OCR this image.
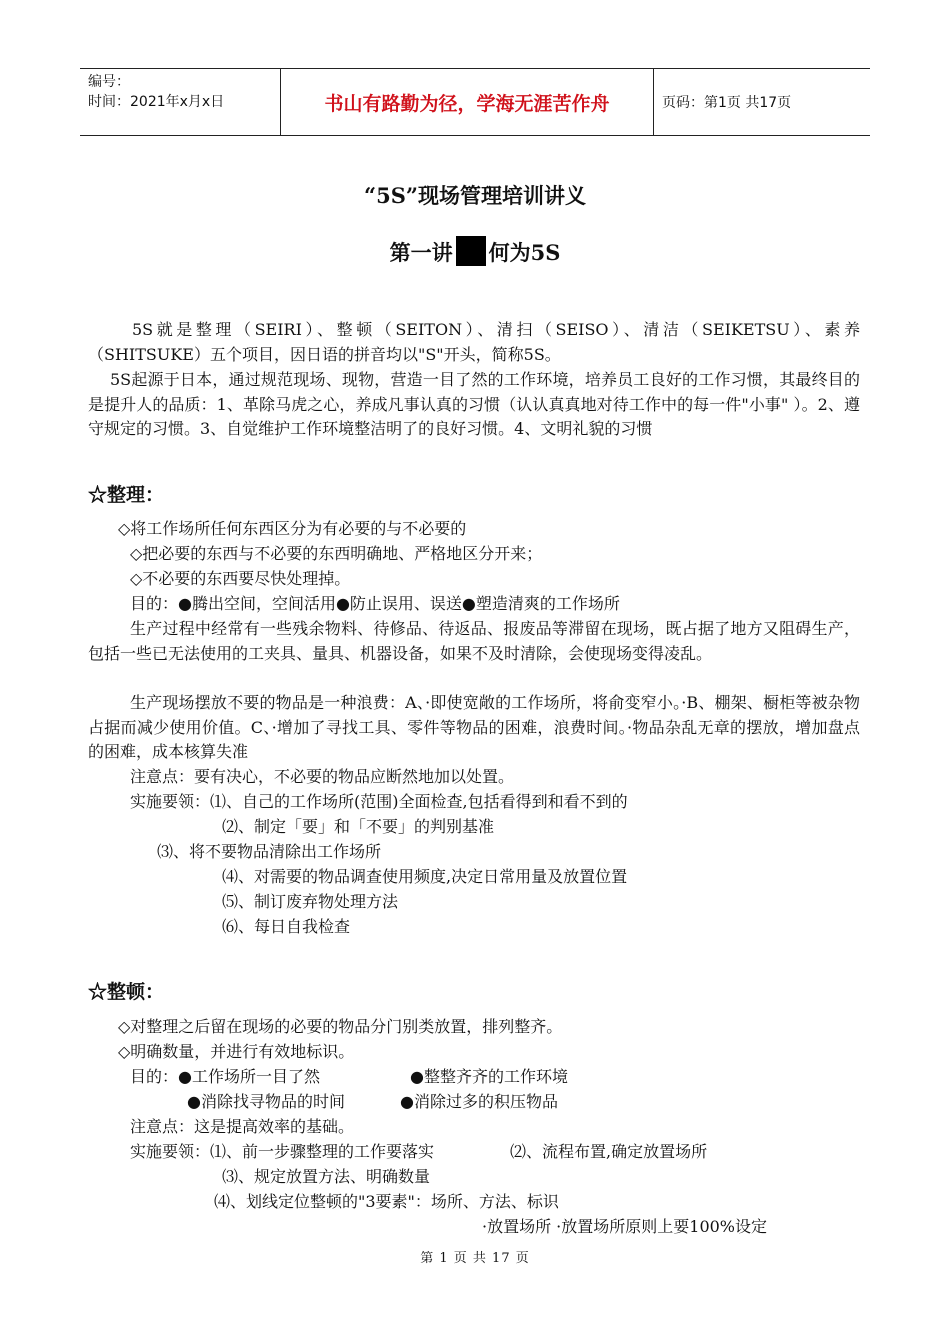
编号：
时间：2021年x月x日	书山有路勤为径，学海无涯苦作舟	页码：第1页 共17页
“5S”现场管理培训讲义
第一讲 何为5S
5S就是整理（SEIRI）、整顿（SEITON）、清扫（SEISO）、清洁（SEIKETSU）、素养（SHITSUKE）五个项目，因日语的拼音均以"S"开头，简称5S。
5S起源于日本，通过规范现场、现物，营造一目了然的工作环境，培养员工良好的工作习惯，其最终目的是提升人的品质：1、革除马虎之心，养成凡事认真的习惯（认认真真地对待工作中的每一件"小事" ）。2、遵守规定的习惯。3、自觉维护工作环境整洁明了的良好习惯。4、文明礼貌的习惯
☆整理：
◇将工作场所任何东西区分为有必要的与不必要的
◇把必要的东西与不必要的东西明确地、严格地区分开来；
◇不必要的东西要尽快处理掉。
目的：●腾出空间，空间活用●防止误用、误送●塑造清爽的工作场所
生产过程中经常有一些残余物料、待修品、待返品、报废品等滞留在现场，既占据了地方又阻碍生产，包括一些已无法使用的工夹具、量具、机器设备，如果不及时清除，会使现场变得凌乱。
生产现场摆放不要的物品是一种浪费：A、·即使宽敞的工作场所，将俞变窄小。·B、棚架、橱柜等被杂物占据而减少使用价值。C、·增加了寻找工具、零件等物品的困难，浪费时间。·物品杂乱无章的摆放，增加盘点的困难，成本核算失准
注意点：要有决心，不必要的物品应断然地加以处置。
实施要领：⑴、自己的工作场所(范围)全面检查,包括看得到和看不到的
⑵、制定「要」和「不要」的判别基准
⑶、将不要物品清除出工作场所
⑷、对需要的物品调查使用频度,决定日常用量及放置位置
⑸、制订废弃物处理方法
⑹、每日自我检查
☆整顿：
◇对整理之后留在现场的必要的物品分门别类放置，排列整齐。
◇明确数量，并进行有效地标识。
目的：●工作场所一目了然	●整整齐齐的工作环境
●消除找寻物品的时间	●消除过多的积压物品
注意点：这是提高效率的基础。
实施要领：⑴、前一步骤整理的工作要落实	⑵、流程布置,确定放置场所
⑶、规定放置方法、明确数量
⑷、划线定位整顿的"3要素"：场所、方法、标识
·放置场所 ·放置场所原则上要100%设定
第 1 页 共 17 页
